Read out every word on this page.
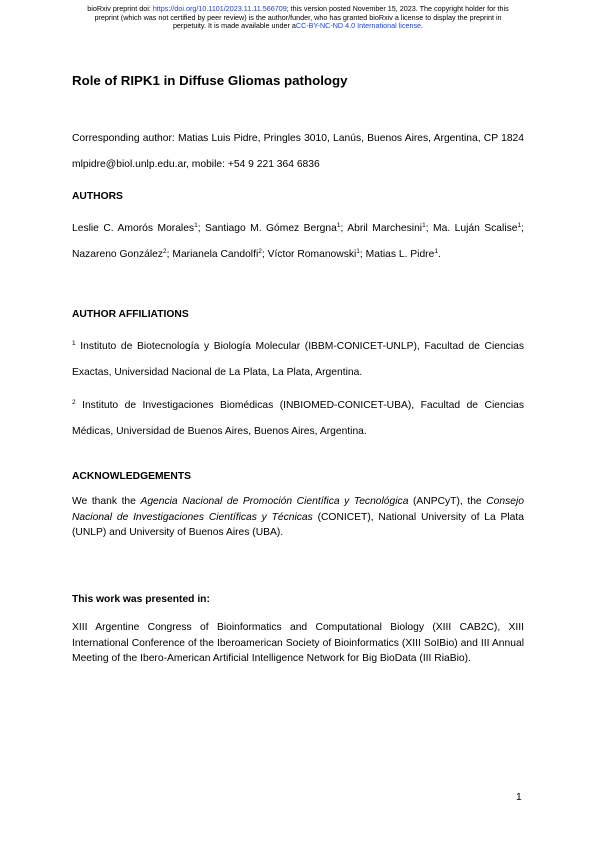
bioRxiv preprint doi: https://doi.org/10.1101/2023.11.11.566709; this version posted November 15, 2023. The copyright holder for this
preprint (which was not certified by peer review) is the author/funder, who has granted bioRxiv a license to display the preprint in
perpetuity. It is made available under aCC-BY-NC-ND 4.0 International license.
Role of RIPK1 in Diffuse Gliomas pathology
Corresponding author: Matias Luis Pidre, Pringles 3010, Lanús, Buenos Aires, Argentina, CP 1824 mlpidre@biol.unlp.edu.ar, mobile: +54 9 221 364 6836
AUTHORS
Leslie C. Amorós Morales$^1$; Santiago M. Gómez Bergna$^1$; Abril Marchesini$^1$; Ma. Luján Scalise$^1$; Nazareno González$^2$; Marianela Candolfi$^2$; Víctor Romanowski$^1$; Matias L. Pidre$^1$.
AUTHOR AFFILIATIONS
$^1$ Instituto de Biotecnología y Biología Molecular (IBBM-CONICET-UNLP), Facultad de Ciencias Exactas, Universidad Nacional de La Plata, La Plata, Argentina.
$^2$ Instituto de Investigaciones Biomédicas (INBIOMED-CONICET-UBA), Facultad de Ciencias Médicas, Universidad de Buenos Aires, Buenos Aires, Argentina.
ACKNOWLEDGEMENTS
We thank the Agencia Nacional de Promoción Científica y Tecnológica (ANPCyT), the Consejo Nacional de Investigaciones Científicas y Técnicas (CONICET), National University of La Plata (UNLP) and University of Buenos Aires (UBA).
This work was presented in:
XIII Argentine Congress of Bioinformatics and Computational Biology (XIII CAB2C), XIII International Conference of the Iberoamerican Society of Bioinformatics (XIII SoIBio) and III Annual Meeting of the Ibero-American Artificial Intelligence Network for Big BioData (III RiaBio).
1
